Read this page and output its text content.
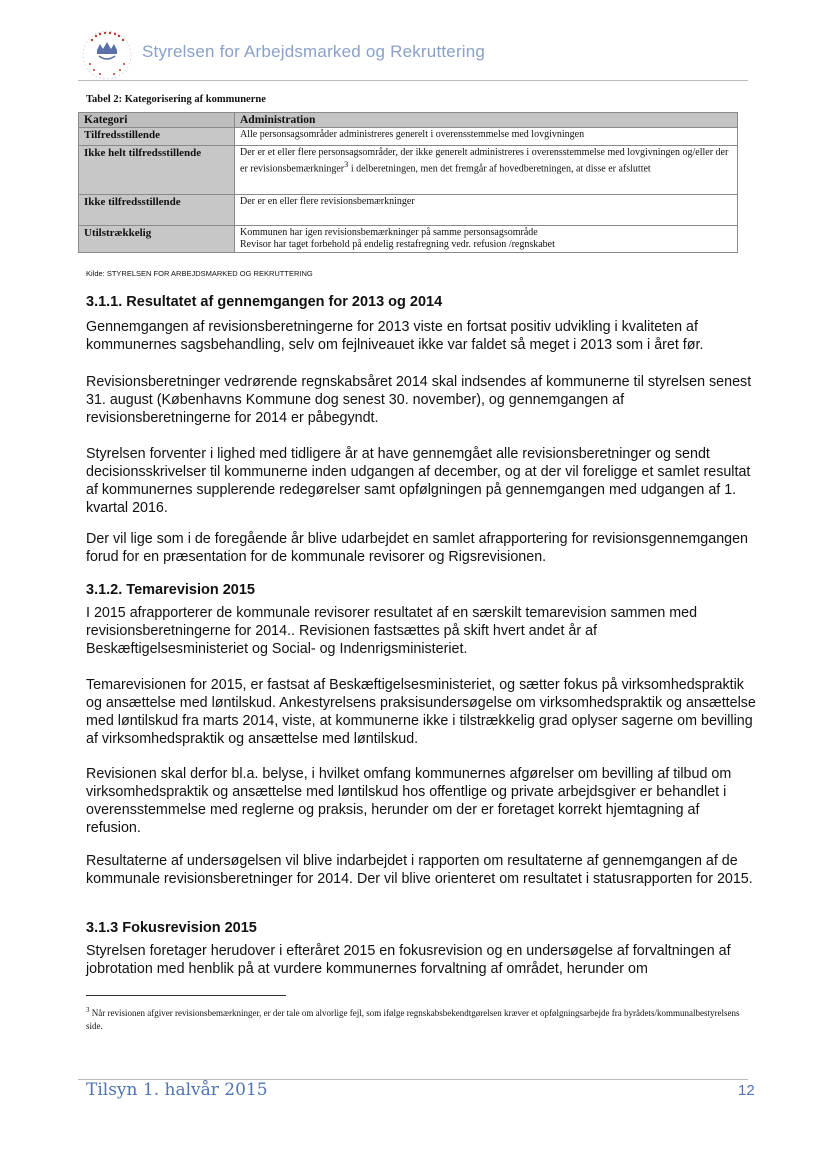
Styrelsen for Arbejdsmarked og Rekruttering
Tabel 2: Kategorisering af kommunerne
Kategori	Administration
Tilfredsstillende	Alle personsagsområder administreres generelt i overensstemmelse med lovgivningen
Ikke helt tilfredsstillende	Der er et eller flere personsagsområder, der ikke generelt administreres i overensstemmelse med lovgivningen og/eller der er revisionsbemærkninger$^3$ i delberetningen, men det fremgår af hovedberetningen, at disse er afsluttet
Ikke tilfredsstillende	Der er en eller flere revisionsbemærkninger
Utilstrækkelig	Kommunen har igen revisionsbemærkninger på samme personsagsområde
Revisor har taget forbehold på endelig restafregning vedr. refusion /regnskabet
Kilde: STYRELSEN FOR ARBEJDSMARKED OG REKRUTTERING
3.1.1. Resultatet af gennemgangen for 2013 og 2014

Gennemgangen af revisionsberetningerne for 2013 viste en fortsat positiv udvikling i kvaliteten af kommunernes sagsbehandling, selv om fejlniveauet ikke var faldet så meget i 2013 som i året før.

Revisionsberetninger vedrørende regnskabsåret 2014 skal indsendes af kommunerne til styrelsen senest 31. august (Københavns Kommune dog senest 30. november), og gennemgangen af revisionsberetningerne for 2014 er påbegyndt.

Styrelsen forventer i lighed med tidligere år at have gennemgået alle revisionsberetninger og sendt decisionsskrivelser til kommunerne inden udgangen af december, og at der vil foreligge et samlet resultat af kommunernes supplerende redegørelser samt opfølgningen på gennemgangen med udgangen af 1. kvartal 2016.

Der vil lige som i de foregående år blive udarbejdet en samlet afrapportering for revisionsgennemgangen forud for en præsentation for de kommunale revisorer og Rigsrevisionen.

3.1.2. Temarevision 2015

I 2015 afrapporterer de kommunale revisorer resultatet af en særskilt temarevision sammen med revisionsberetningerne for 2014.. Revisionen fastsættes på skift hvert andet år af Beskæftigelsesministeriet og Social- og Indenrigsministeriet.

Temarevisionen for 2015, er fastsat af Beskæftigelsesministeriet, og sætter fokus på virksomhedspraktik og ansættelse med løntilskud. Ankestyrelsens praksisundersøgelse om virksomhedspraktik og ansættelse med løntilskud fra marts 2014, viste, at kommunerne ikke i tilstrækkelig grad oplyser sagerne om bevilling af virksomhedspraktik og ansættelse med løntilskud.

Revisionen skal derfor bl.a. belyse, i hvilket omfang kommunernes afgørelser om bevilling af tilbud om virksomhedspraktik og ansættelse med løntilskud hos offentlige og private arbejdsgiver er behandlet i overensstemmelse med reglerne og praksis, herunder om der er foretaget korrekt hjemtagning af refusion.

Resultaterne af undersøgelsen vil blive indarbejdet i rapporten om resultaterne af gennemgangen af de kommunale revisionsberetninger for 2014. Der vil blive orienteret om resultatet i statusrapporten for 2015.

3.1.3 Fokusrevision 2015

Styrelsen foretager herudover i efteråret 2015 en fokusrevision og en undersøgelse af forvaltningen af jobrotation med henblik på at vurdere kommunernes forvaltning af området, herunder om

$^3$ Når revisionen afgiver revisionsbemærkninger, er der tale om alvorlige fejl, som ifølge regnskabsbekendtgørelsen kræver et opfølgningsarbejde fra byrådets/kommunalbestyrelsens side.

Tilsyn 1. halvår 2015	12
